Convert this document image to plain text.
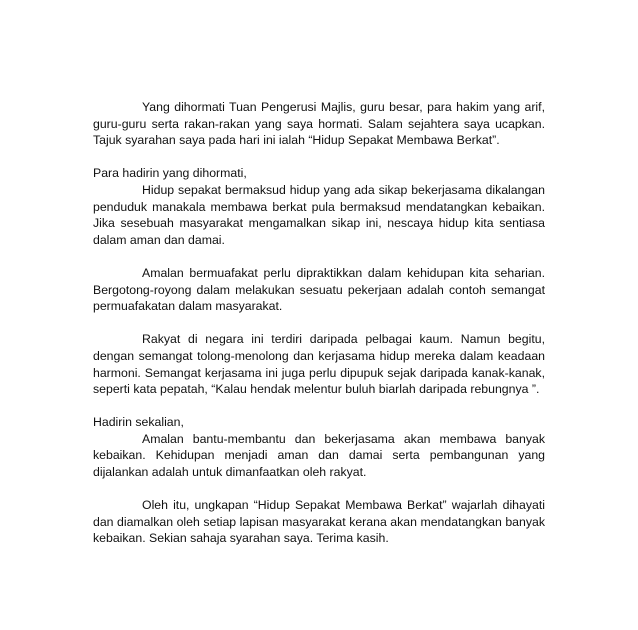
Yang dihormati Tuan Pengerusi Majlis, guru besar, para hakim yang arif, guru-guru serta rakan-rakan yang saya hormati. Salam sejahtera saya ucapkan. Tajuk syarahan saya pada hari ini ialah “Hidup Sepakat Membawa Berkat”.

Para hadirin yang dihormati,
Hidup sepakat bermaksud hidup yang ada sikap bekerjasama dikalangan penduduk manakala membawa berkat pula bermaksud mendatangkan kebaikan. Jika sesebuah masyarakat mengamalkan sikap ini, nescaya hidup kita sentiasa dalam aman dan damai.

Amalan bermuafakat perlu dipraktikkan dalam kehidupan kita seharian. Bergotong-royong dalam melakukan sesuatu pekerjaan adalah contoh semangat permuafakatan dalam masyarakat.

Rakyat di negara ini terdiri daripada pelbagai kaum. Namun begitu, dengan semangat tolong-menolong dan kerjasama hidup mereka dalam keadaan harmoni. Semangat kerjasama ini juga perlu dipupuk sejak daripada kanak-kanak, seperti kata pepatah, “Kalau hendak melentur buluh biarlah daripada rebungnya ”.

Hadirin sekalian,
Amalan bantu-membantu dan bekerjasama akan membawa banyak kebaikan. Kehidupan menjadi aman dan damai serta pembangunan yang dijalankan adalah untuk dimanfaatkan oleh rakyat.

Oleh itu, ungkapan “Hidup Sepakat Membawa Berkat” wajarlah dihayati dan diamalkan oleh setiap lapisan masyarakat kerana akan mendatangkan banyak kebaikan. Sekian sahaja syarahan saya. Terima kasih.
